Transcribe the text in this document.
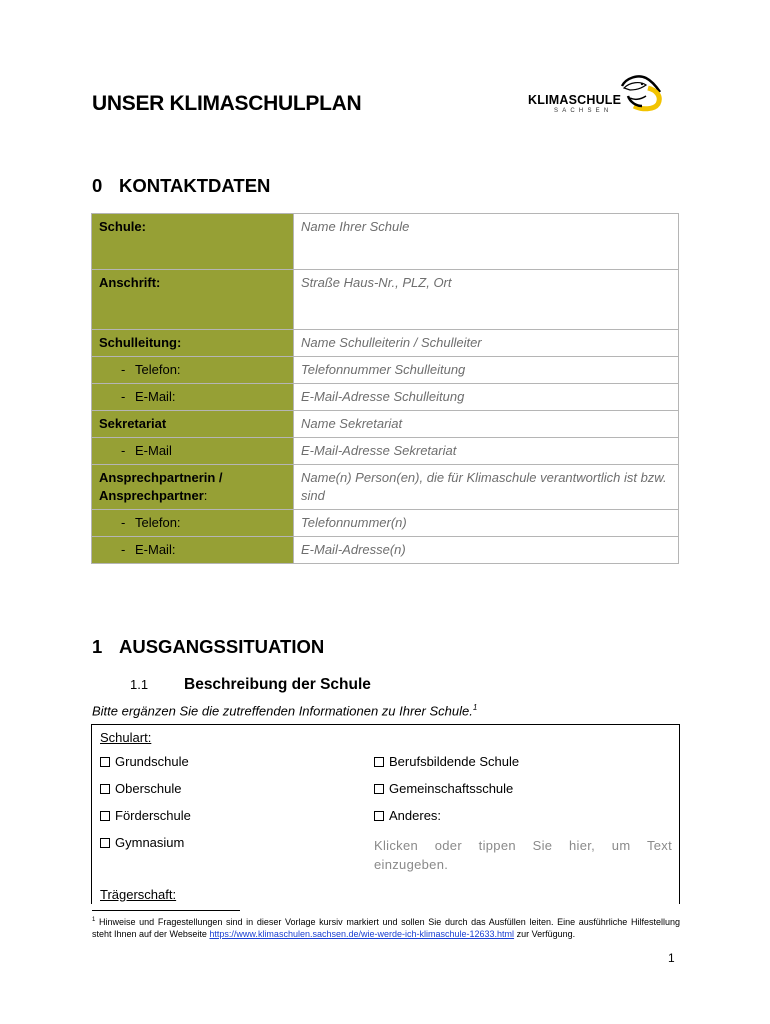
UNSER KLIMASCHULPLAN	KLIMASCHULE
SACHSEN
0 KONTAKTDATEN
Schule:	Name Ihrer Schule
Anschrift:	Straße Haus-Nr., PLZ, Ort
Schulleitung:	Name Schulleiterin / Schulleiter
- Telefon:	Telefonnummer Schulleitung
- E-Mail:	E-Mail-Adresse Schulleitung
Sekretariat	Name Sekretariat
- E-Mail	E-Mail-Adresse Sekretariat
Ansprechpartnerin /
Ansprechpartner:	Name(n) Person(en), die für Klimaschule verantwortlich ist bzw. sind
- Telefon:	Telefonnummer(n)
- E-Mail:	E-Mail-Adresse(n)
1 AUSGANGSSITUATION
1.1 Beschreibung der Schule
Bitte ergänzen Sie die zutreffenden Informationen zu Ihrer Schule.$^1$
Schulart:
Grundschule
Oberschule
Förderschule
Gymnasium
Berufsbildende Schule
Gemeinschaftsschule
Anderes:
Klicken oder tippen Sie hier, um Text
einzugeben.
Trägerschaft:
$^1$ Hinweise und Fragestellungen sind in dieser Vorlage kursiv markiert und sollen Sie durch das Ausfüllen leiten. Eine ausführliche Hilfestellung steht Ihnen auf der Webseite https://www.klimaschulen.sachsen.de/wie-werde-ich-klimaschule-12633.html zur Verfügung.
1
